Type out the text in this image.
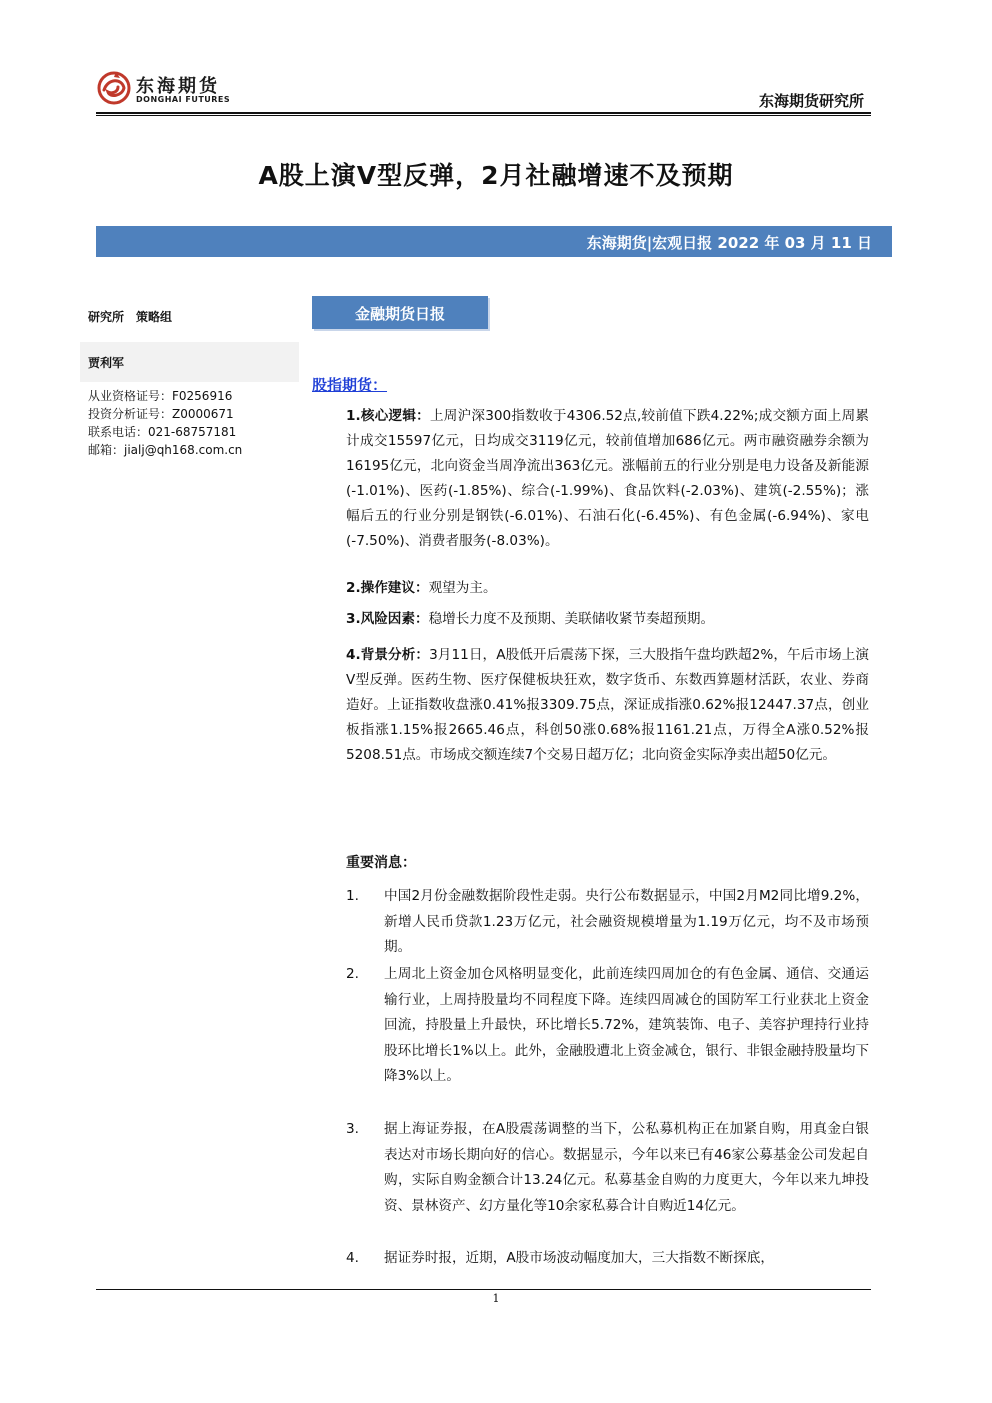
东海期货
DONGHAI FUTURES	东海期货研究所
A股上演V型反弹，2月社融增速不及预期
东海期货|宏观日报 2022 年 03 月 11 日
研究所　策略组
贾利军
从业资格证号：F0256916
投资分析证号：Z0000671
联系电话：021-68757181
邮箱：jialj@qh168.com.cn
金融期货日报
股指期货：
1.核心逻辑：上周沪深300指数收于4306.52点,较前值下跌4.22%;成交额方面上周累计成交15597亿元，日均成交3119亿元，较前值增加686亿元。两市融资融券余额为16195亿元，北向资金当周净流出363亿元。涨幅前五的行业分别是电力设备及新能源(-1.01%)、医药(-1.85%)、综合(-1.99%)、食品饮料(-2.03%)、建筑(-2.55%)；涨幅后五的行业分别是钢铁(-6.01%)、石油石化(-6.45%)、有色金属(-6.94%)、家电(-7.50%)、消费者服务(-8.03%)。
2.操作建议：观望为主。
3.风险因素：稳增长力度不及预期、美联储收紧节奏超预期。
4.背景分析：3月11日，A股低开后震荡下探，三大股指午盘均跌超2%，午后市场上演V型反弹。医药生物、医疗保健板块狂欢，数字货币、东数西算题材活跃，农业、券商造好。上证指数收盘涨0.41%报3309.75点，深证成指涨0.62%报12447.37点，创业板指涨1.15%报2665.46点，科创50涨0.68%报1161.21点，万得全A涨0.52%报5208.51点。市场成交额连续7个交易日超万亿；北向资金实际净卖出超50亿元。
重要消息：
1.	中国2月份金融数据阶段性走弱。央行公布数据显示，中国2月M2同比增9.2%，新增人民币贷款1.23万亿元，社会融资规模增量为1.19万亿元，均不及市场预期。
2.	上周北上资金加仓风格明显变化，此前连续四周加仓的有色金属、通信、交通运输行业，上周持股量均不同程度下降。连续四周减仓的国防军工行业获北上资金回流，持股量上升最快，环比增长5.72%，建筑装饰、电子、美容护理持行业持股环比增长1%以上。此外，金融股遭北上资金减仓，银行、非银金融持股量均下降3%以上。
3.	据上海证券报，在A股震荡调整的当下，公私募机构正在加紧自购，用真金白银表达对市场长期向好的信心。数据显示，今年以来已有46家公募基金公司发起自购，实际自购金额合计13.24亿元。私募基金自购的力度更大，今年以来九坤投资、景林资产、幻方量化等10余家私募合计自购近14亿元。
4.	据证券时报，近期，A股市场波动幅度加大，三大指数不断探底，
1
